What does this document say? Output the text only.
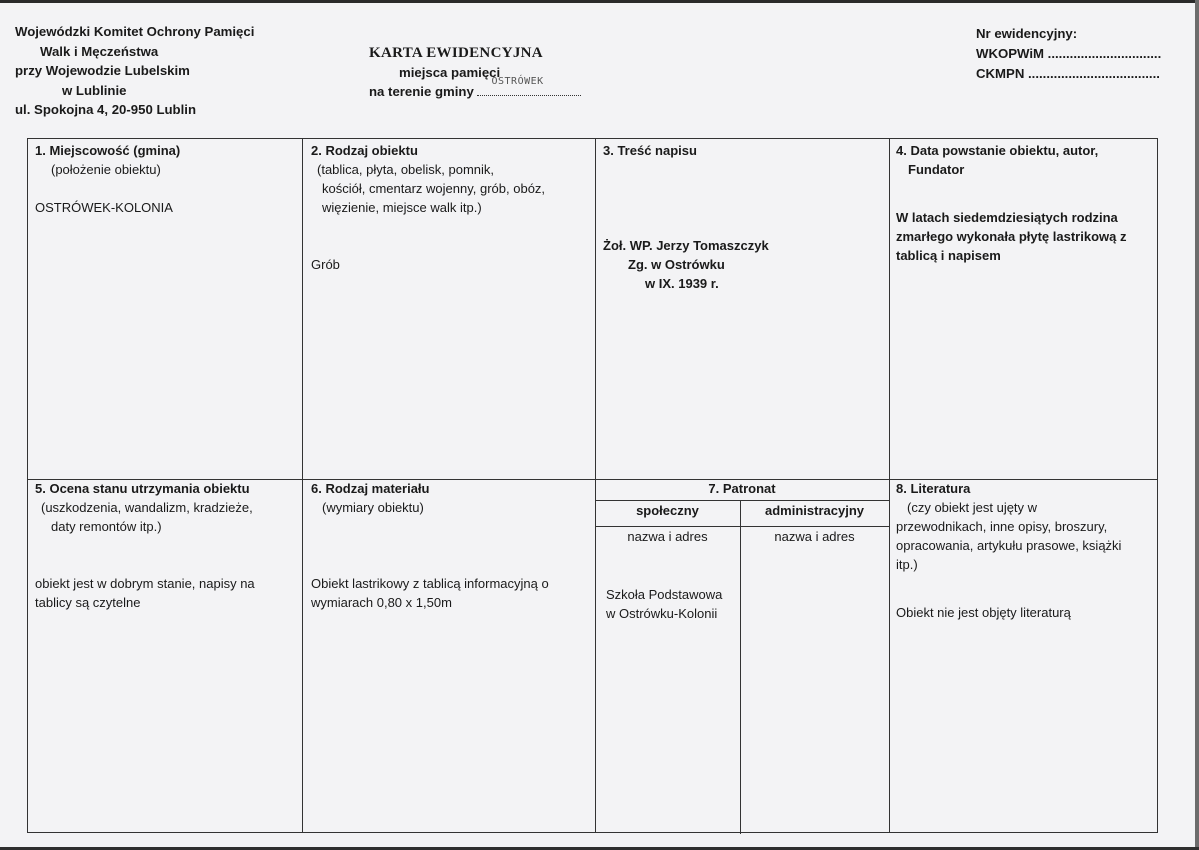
Wojewódzki Komitet Ochrony Pamięci
Walk i Męczeństwa
przy Wojewodzie Lubelskim
w Lublinie
ul. Spokojna 4, 20-950 Lublin
KARTA EWIDENCYJNA
miejsca pamięci
na terenie gminy
OSTRÓWEK
Nr ewidencyjny:
WKOPWiM ...............................
CKMPN ....................................
1. Miejscowość (gmina)
(położenie obiektu)
OSTRÓWEK-KOLONIA
2. Rodzaj obiektu
(tablica, płyta, obelisk, pomnik,
kościół, cmentarz wojenny, grób, obóz,
więzienie, miejsce walk itp.)
Grób
3. Treść napisu
Żoł. WP. Jerzy Tomaszczyk
Zg. w Ostrówku
w IX. 1939 r.
4. Data powstanie obiektu, autor,
Fundator
W latach siedemdziesiątych rodzina
zmarłego wykonała płytę lastrikową z
tablicą i napisem
5. Ocena stanu utrzymania obiektu
(uszkodzenia, wandalizm, kradzieże,
daty remontów itp.)
obiekt jest w dobrym stanie, napisy na
tablicy są czytelne
6. Rodzaj materiału
(wymiary obiektu)
Obiekt lastrikowy z tablicą informacyjną o
wymiarach 0,80 x 1,50m
7. Patronat
społeczny	administracyjny
nazwa i adres	nazwa i adres
Szkoła Podstawowa
w Ostrówku-Kolonii
8. Literatura
(czy obiekt jest ujęty w
przewodnikach, inne opisy, broszury,
opracowania, artykułu prasowe, książki
itp.)
Obiekt nie jest objęty literaturą
